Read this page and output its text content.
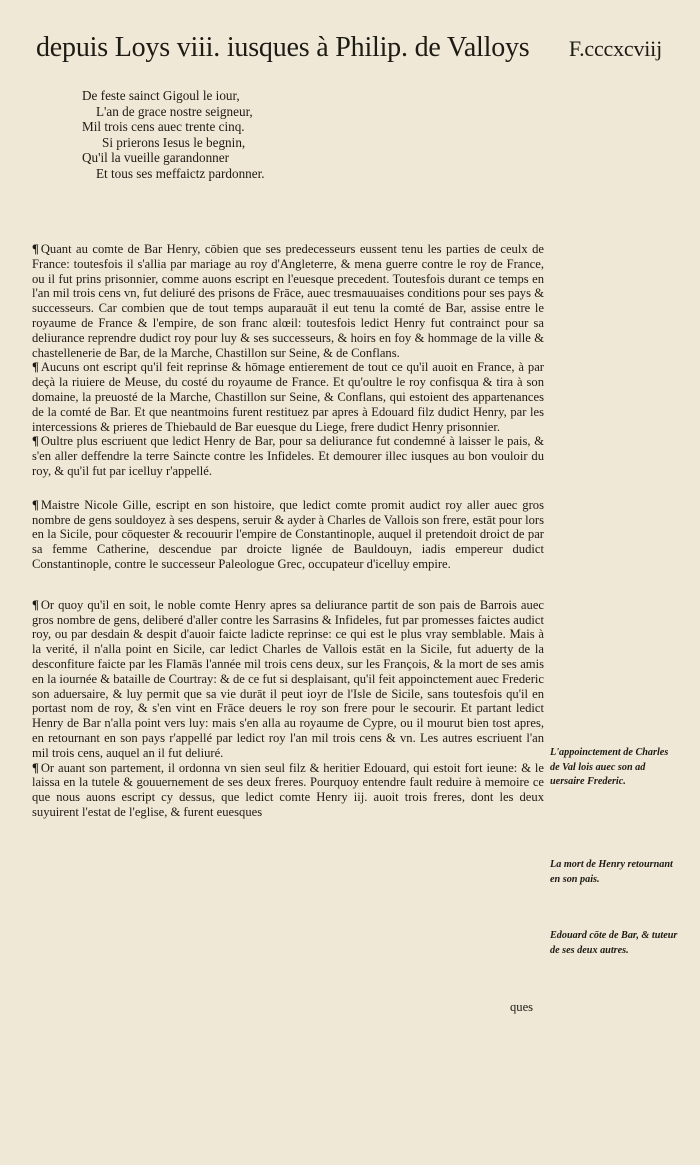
depuis Loys viii. iusques à Philip. de Valloys F.cccxcviij
De feste sainct Gigoul le iour,
L'an de grace nostre seigneur,
Mil trois cens auec trente cinq.
Si prierons Iesus le begnin,
Qu'il la vueille garandonner
Et tous ses meffaictz pardonner.

¶ Quant au comte de Bar Henry, cōbien que ses predecesseurs eussent tenu les parties de ceulx de France: toutesfois il s'allia par mariage au roy d'Angleterre, & mena guerre contre le roy de France, ou il fut prins prisonnier, comme auons escript en l'euesque precedent. Toutesfois durant ce temps en l'an mil trois cens vn, fut deliuré des prisons de Frāce, auec tresmauuaises conditions pour ses pays & successeurs. Car combien que de tout temps auparauāt il eut tenu la comté de Bar, assise entre le royaume de France & l'empire, de son franc alœil: toutesfois ledict Henry fut contrainct pour sa deliurance reprendre dudict roy pour luy & ses successeurs, & hoirs en foy & hommage de la ville & chastellenerie de Bar, de la Marche, Chastillon sur Seine, & de Conflans.

¶ Aucuns ont escript qu'il feit reprinse & hōmage entierement de tout ce qu'il auoit en France, à par deçà la riuiere de Meuse, du costé du royaume de France. Et qu'oultre le roy confisqua & tira à son domaine, la preuosté de la Marche, Chastillon sur Seine, & Conflans, qui estoient des appartenances de la comté de Bar. Et que neantmoins furent restituez par apres à Edouard filz dudict Henry, par les intercessions & prieres de Thiebauld de Bar euesque du Liege, frere dudict Henry prisonnier.

¶ Oultre plus escriuent que ledict Henry de Bar, pour sa deliurance fut condemné à laisser le pais, & s'en aller deffendre la terre Saincte contre les Infideles. Et demourer illec iusques au bon vouloir du roy, & qu'il fut par icelluy r'appellé.

¶ Maistre Nicole Gille, escript en son histoire, que ledict comte promit audict roy aller auec gros nombre de gens souldoyez à ses despens, seruir & ayder à Charles de Vallois son frere, estāt pour lors en la Sicile, pour cōquester & recouurir l'empire de Constantinople, auquel il pretendoit droict de par sa femme Catherine, descendue par droicte lignée de Bauldouyn, iadis empereur dudict Constantinople, contre le successeur Paleologue Grec, occupateur d'icelluy empire.

¶ Or quoy qu'il en soit, le noble comte Henry apres sa deliurance partit de son pais de Barrois auec gros nombre de gens, deliberé d'aller contre les Sarrasins & Infideles, fut par promesses faictes audict roy, ou par desdain & despit d'auoir faicte ladicte reprinse: ce qui est le plus vray semblable. Mais à la verité, il n'alla point en Sicile, car ledict Charles de Vallois estāt en la Sicile, fut aduerty de la desconfiture faicte par les Flamās l'année mil trois cens deux, sur les François, & la mort de ses amis en la iournée & bataille de Courtray: & de ce fut si desplaisant, qu'il feit appoinctement auec Frederic son aduersaire, & luy permit que sa vie durāt il peut ioyr de l'Isle de Sicile, sans toutesfois qu'il en portast nom de roy, & s'en vint en Frāce deuers le roy son frere pour le secourir. Et partant ledict Henry de Bar n'alla point vers luy: mais s'en alla au royaume de Cypre, ou il mourut bien tost apres, en retournant en son pays r'appellé par ledict roy l'an mil trois cens & vn. Les autres escriuent l'an mil trois cens, auquel an il fut deliuré.

¶ Or auant son partement, il ordonna vn sien seul filz & heritier Edouard, qui estoit fort ieune: & le laissa en la tutele & gouuernement de ses deux freres. Pourquoy entendre fault reduire à memoire ce que nous auons escript cy dessus, que ledict comte Henry iij. auoit trois freres, dont les deux suyuirent l'estat de l'eglise, & furent euesques

ques
L'appoinctement de Charles de Val lois auec son ad uersaire Frederic.
La mort de Henry retournant en son pais.
Edouard cōte de Bar, & tuteur de ses deux autres.
